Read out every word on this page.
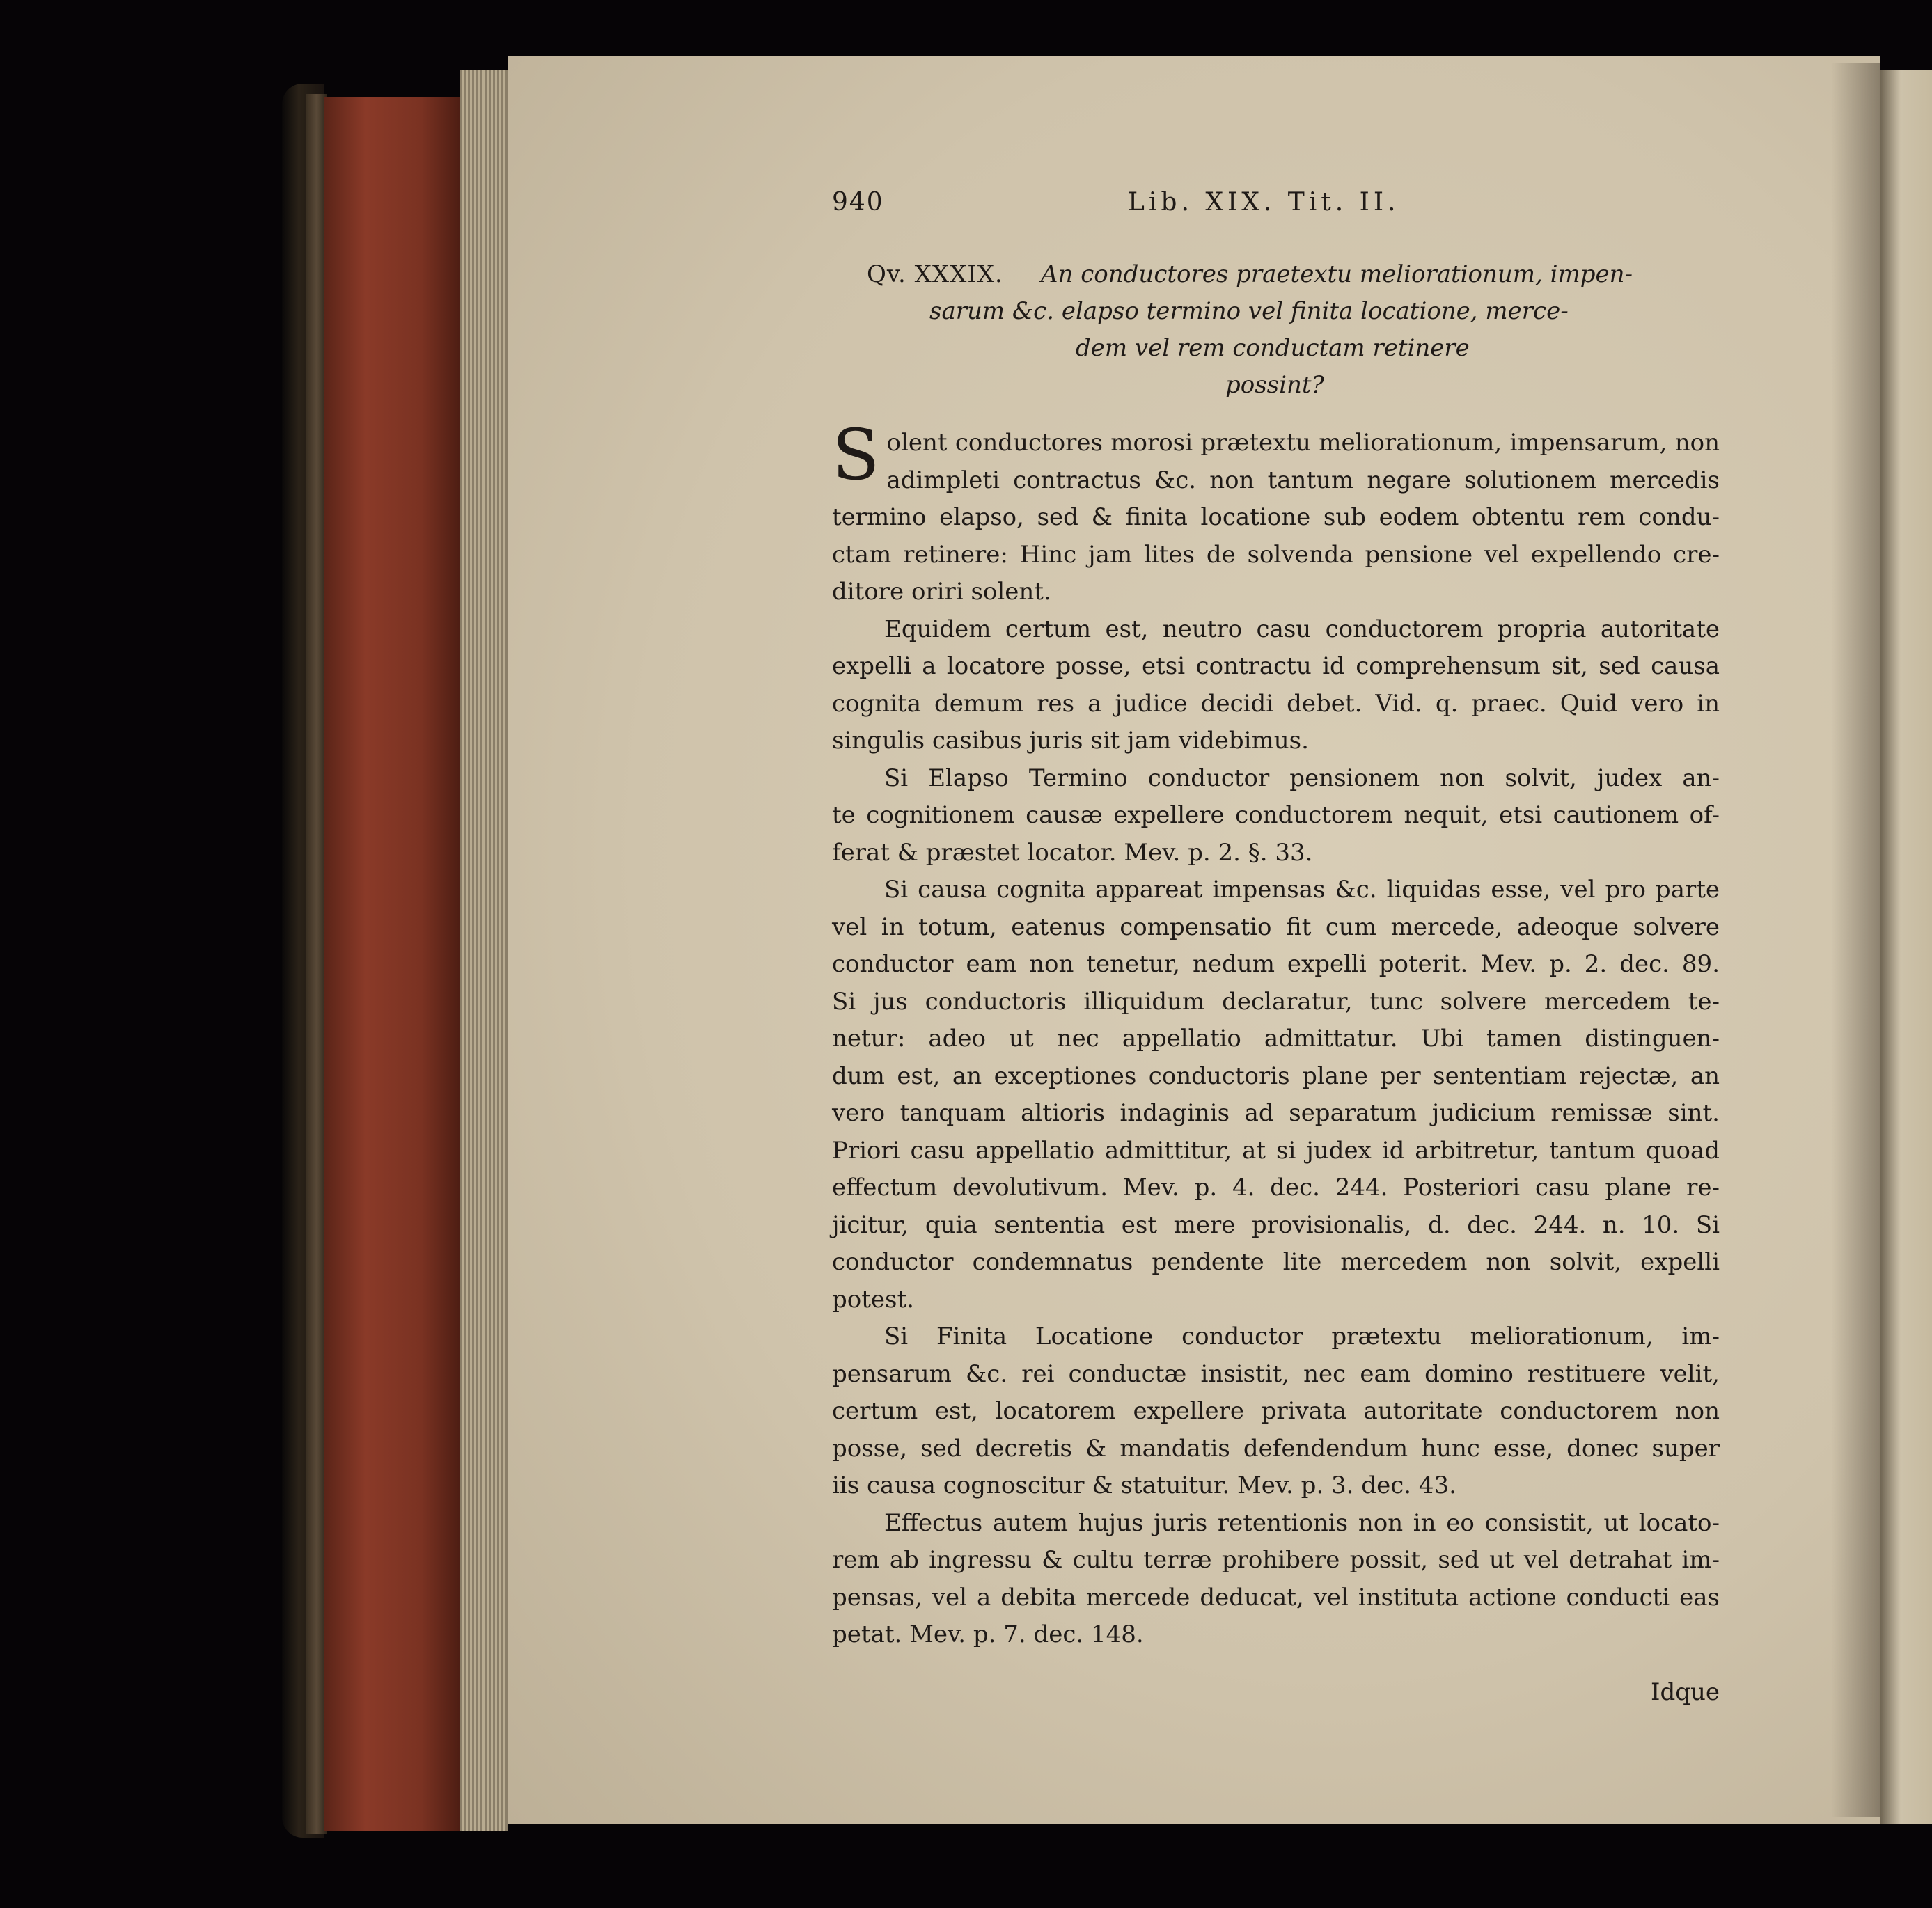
940	Lib. XIX. Tit. II.
Qv. XXXIX. An conductores praetextu meliorationum, impen-
sarum &c. elapso termino vel finita locatione, merce-
dem vel rem conductam retinere
possint?

S olent conductores morosi prætextu meliorationum, impensarum, non
adimpleti contractus &c. non tantum negare solutionem mercedis
termino elapso, sed & finita locatione sub eodem obtentu rem condu-
ctam retinere: Hinc jam lites de solvenda pensione vel expellendo cre-
ditore oriri solent.

Equidem certum est, neutro casu conductorem propria autoritate
expelli a locatore posse, etsi contractu id comprehensum sit, sed causa
cognita demum res a judice decidi debet. Vid. q. praec. Quid vero in
singulis casibus juris sit jam videbimus.

Si Elapso Termino conductor pensionem non solvit, judex an-
te cognitionem causæ expellere conductorem nequit, etsi cautionem of-
ferat & præstet locator. Mev. p. 2. §. 33.

Si causa cognita appareat impensas &c. liquidas esse, vel pro parte
vel in totum, eatenus compensatio fit cum mercede, adeoque solvere
conductor eam non tenetur, nedum expelli poterit. Mev. p. 2. dec. 89.
Si jus conductoris illiquidum declaratur, tunc solvere mercedem te-
netur: adeo ut nec appellatio admittatur. Ubi tamen distinguen-
dum est, an exceptiones conductoris plane per sententiam rejectæ, an
vero tanquam altioris indaginis ad separatum judicium remissæ sint.
Priori casu appellatio admittitur, at si judex id arbitretur, tantum quoad
effectum devolutivum. Mev. p. 4. dec. 244. Posteriori casu plane re-
jicitur, quia sententia est mere provisionalis, d. dec. 244. n. 10. Si
conductor condemnatus pendente lite mercedem non solvit, expelli
potest.

Si Finita Locatione conductor prætextu meliorationum, im-
pensarum &c. rei conductæ insistit, nec eam domino restituere velit,
certum est, locatorem expellere privata autoritate conductorem non
posse, sed decretis & mandatis defendendum hunc esse, donec super
iis causa cognoscitur & statuitur. Mev. p. 3. dec. 43.

Effectus autem hujus juris retentionis non in eo consistit, ut locato-
rem ab ingressu & cultu terræ prohibere possit, sed ut vel detrahat im-
pensas, vel a debita mercede deducat, vel instituta actione conducti eas
petat. Mev. p. 7. dec. 148.

Idque
